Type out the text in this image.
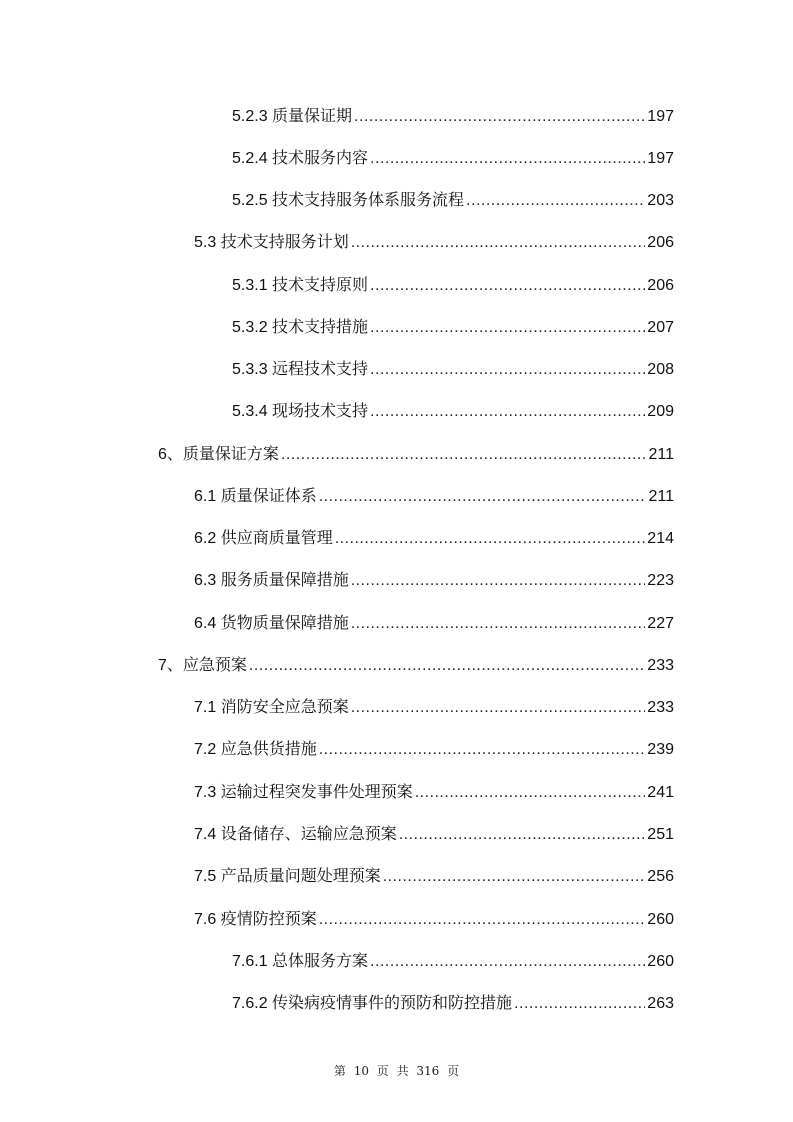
5.2.3 质量保证期 .....	197
5.2.4 技术服务内容 .....	197
5.2.5 技术支持服务体系服务流程 .....	203
5.3 技术支持服务计划 .....	206
5.3.1 技术支持原则 .....	206
5.3.2 技术支持措施 .....	207
5.3.3 远程技术支持 .....	208
5.3.4 现场技术支持 .....	209
6、质量保证方案 .....	211
6.1 质量保证体系 .....	211
6.2 供应商质量管理 .....	214
6.3 服务质量保障措施 .....	223
6.4 货物质量保障措施 .....	227
7、应急预案 .....	233
7.1 消防安全应急预案 .....	233
7.2 应急供货措施 .....	239
7.3 运输过程突发事件处理预案 .....	241
7.4 设备储存、运输应急预案 .....	251
7.5 产品质量问题处理预案 .....	256
7.6 疫情防控预案 .....	260
7.6.1 总体服务方案 .....	260
7.6.2 传染病疫情事件的预防和防控措施 .....	263
第 10 页 共 316 页
